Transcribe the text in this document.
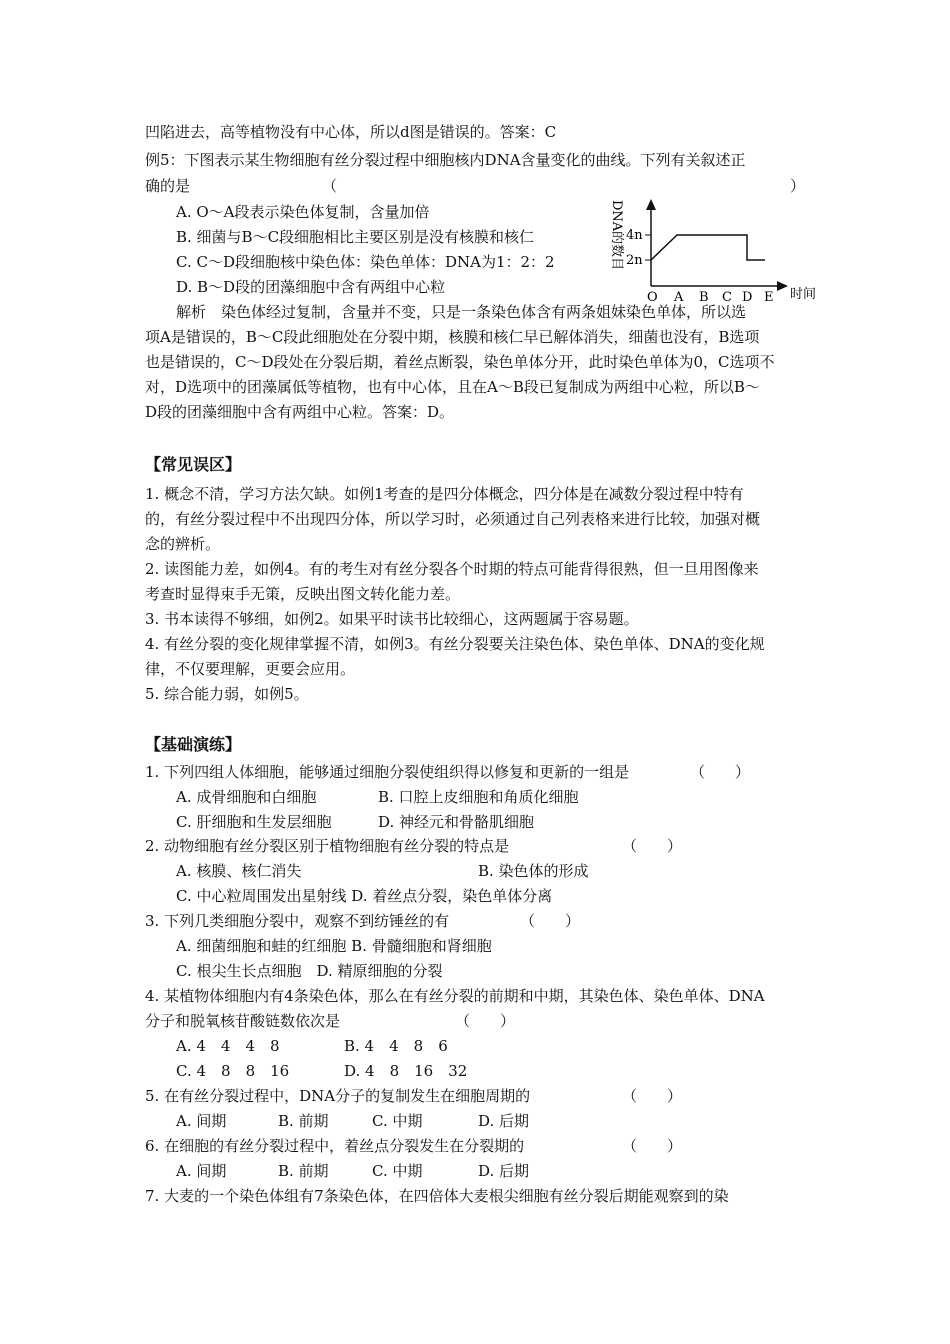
凹陷进去，高等植物没有中心体，所以d图是错误的。答案：C
例5：下图表示某生物细胞有丝分裂过程中细胞核内DNA含量变化的曲线。下列有关叙述正
确的是	（	）
A. O～A段表示染色体复制，含量加倍
B. 细菌与B～C段细胞相比主要区别是没有核膜和核仁
C. C～D段细胞核中染色体：染色单体：DNA为1：2：2
D. B～D段的团藻细胞中含有两组中心粒
DNA的数目 4n
2n
O A B C D E 时间
解析　染色体经过复制，含量并不变，只是一条染色体含有两条姐妹染色单体，所以选
项A是错误的，B～C段此细胞处在分裂中期，核膜和核仁早已解体消失，细菌也没有，B选项
也是错误的，C～D段处在分裂后期，着丝点断裂，染色单体分开，此时染色单体为0，C选项不
对，D选项中的团藻属低等植物，也有中心体，且在A～B段已复制成为两组中心粒，所以B～
D段的团藻细胞中含有两组中心粒。答案：D。
【常见误区】
1. 概念不清，学习方法欠缺。如例1考查的是四分体概念，四分体是在减数分裂过程中特有
的，有丝分裂过程中不出现四分体，所以学习时，必须通过自己列表格来进行比较，加强对概
念的辨析。
2. 读图能力差，如例4。有的考生对有丝分裂各个时期的特点可能背得很熟，但一旦用图像来
考查时显得束手无策，反映出图文转化能力差。
3. 书本读得不够细，如例2。如果平时读书比较细心，这两题属于容易题。
4. 有丝分裂的变化规律掌握不清，如例3。有丝分裂要关注染色体、染色单体、DNA的变化规
律，不仅要理解，更要会应用。
5. 综合能力弱，如例5。
【基础演练】
1. 下列四组人体细胞，能够通过细胞分裂使组织得以修复和更新的一组是	（　　）
A. 成骨细胞和白细胞	B. 口腔上皮细胞和角质化细胞
C. 肝细胞和生发层细胞	D. 神经元和骨骼肌细胞
2. 动物细胞有丝分裂区别于植物细胞有丝分裂的特点是	（　　）
A. 核膜、核仁消失	B. 染色体的形成
C. 中心粒周围发出星射线 D. 着丝点分裂，染色单体分离
3. 下列几类细胞分裂中，观察不到纺锤丝的有	（　　）
A. 细菌细胞和蛙的红细胞 B. 骨髓细胞和肾细胞
C. 根尖生长点细胞　D. 精原细胞的分裂
4. 某植物体细胞内有4条染色体，那么在有丝分裂的前期和中期，其染色体、染色单体、DNA
分子和脱氧核苷酸链数依次是	（　　）
A. 4　4　4　8	B. 4　4　8　6
C. 4　8　8　16	D. 4　8　16　32
5. 在有丝分裂过程中，DNA分子的复制发生在细胞周期的	（　　）
A. 间期	B. 前期	C. 中期	D. 后期
6. 在细胞的有丝分裂过程中，着丝点分裂发生在分裂期的	（　　）
A. 间期	B. 前期	C. 中期	D. 后期
7. 大麦的一个染色体组有7条染色体，在四倍体大麦根尖细胞有丝分裂后期能观察到的染
